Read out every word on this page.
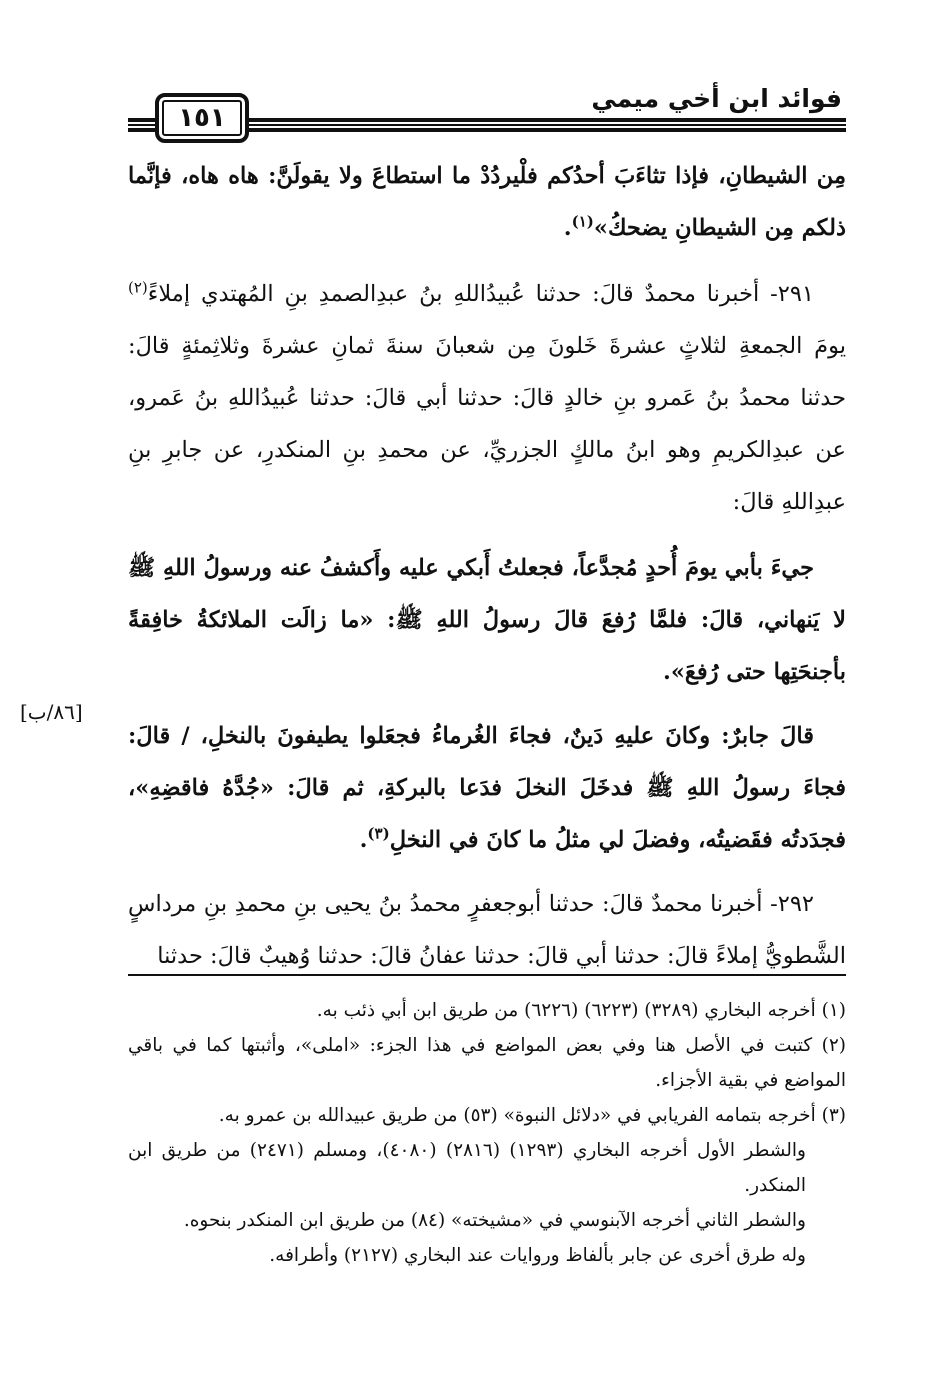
فوائد ابن أخي ميمي
١٥١

مِن الشيطانِ، فإذا تثاءَبَ أحدُكم فلْيردُدْ ما استطاعَ ولا يقولَنَّ: هاه هاه، فإنَّما ذلكم مِن الشيطانِ يضحكُ»$^{(١)}$.

٢٩١- أخبرنا محمدٌ قالَ: حدثنا عُبيدُاللهِ بنُ عبدِالصمدِ بنِ المُهتدي إملاءً$^{(٢)}$ يومَ الجمعةِ لثلاثٍ عشرةَ خَلونَ مِن شعبانَ سنةَ ثمانِ عشرةَ وثلاثِمئةٍ قالَ: حدثنا محمدُ بنُ عَمرو بنِ خالدٍ قالَ: حدثنا أبي قالَ: حدثنا عُبيدُاللهِ بنُ عَمرو، عن عبدِالكريمِ وهو ابنُ مالكٍ الجزريِّ، عن محمدِ بنِ المنكدرِ، عن جابرِ بنِ عبدِاللهِ قالَ:

جيءَ بأبي يومَ أُحدٍ مُجدَّعاً، فجعلتُ أَبكي عليه وأَكشفُ عنه ورسولُ اللهِ ﷺ لا يَنهاني، قالَ: فلمَّا رُفعَ قالَ رسولُ اللهِ ﷺ: «ما زالَت الملائكةُ خافِقةً بأجنحَتِها حتى رُفعَ».

قالَ جابرٌ: وكانَ عليهِ دَينٌ، فجاءَ الغُرماءُ فجعَلوا يطيفونَ بالنخلِ، / قالَ: فجاءَ رسولُ اللهِ ﷺ فدخَلَ النخلَ فدَعا بالبركةِ، ثم قالَ: «جُدَّهُ فاقضِهِ»، فجدَدتُه فقَضيتُه، وفضلَ لي مثلُ ما كانَ في النخلِ$^{(٣)}$.

٢٩٢- أخبرنا محمدٌ قالَ: حدثنا أبوجعفرٍ محمدُ بنُ يحيى بنِ محمدِ بنِ مرداسٍ الشَّطويُّ إملاءً قالَ: حدثنا أبي قالَ: حدثنا عفانُ قالَ: حدثنا وُهيبٌ قالَ: حدثنا

[٨٦/ب]

(١) أخرجه البخاري (٣٢٨٩) (٦٢٢٣) (٦٢٢٦) من طريق ابن أبي ذئب به.

(٢) كتبت في الأصل هنا وفي بعض المواضع في هذا الجزء: «املى»، وأثبتها كما في باقي المواضع في بقية الأجزاء.

(٣) أخرجه بتمامه الفريابي في «دلائل النبوة» (٥٣) من طريق عبيدالله بن عمرو به.

والشطر الأول أخرجه البخاري (١٢٩٣) (٢٨١٦) (٤٠٨٠)، ومسلم (٢٤٧١) من طريق ابن المنكدر.

والشطر الثاني أخرجه الآبنوسي في «مشيخته» (٨٤) من طريق ابن المنكدر بنحوه.

وله طرق أخرى عن جابر بألفاظ وروايات عند البخاري (٢١٢٧) وأطرافه.
